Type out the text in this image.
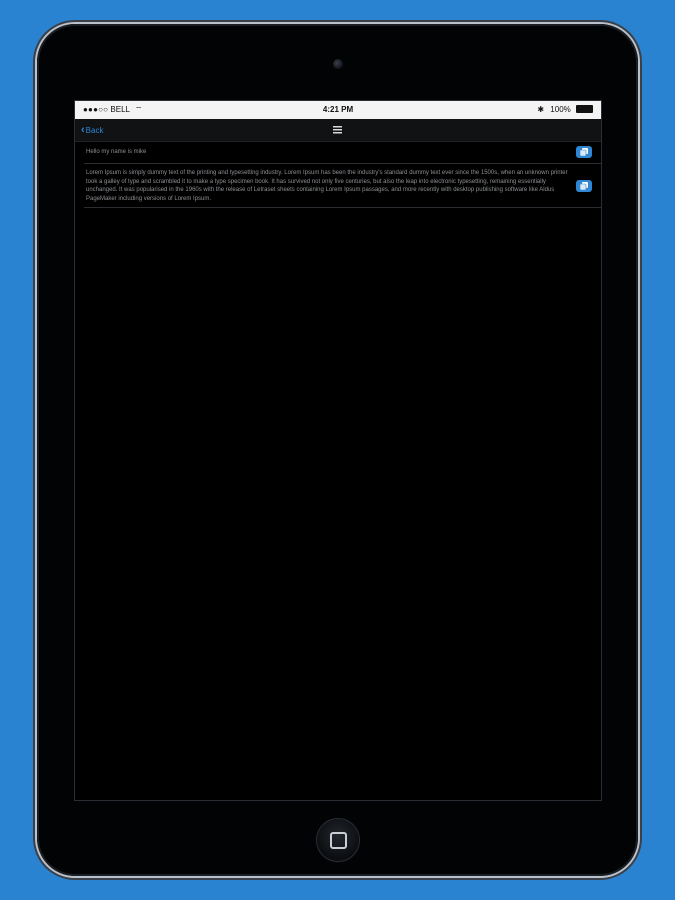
●●●○○ BELL ⌔	4:21 PM	✱ 100%
‹Back
Hello my name is mike
Lorem Ipsum is simply dummy text of the printing and typesetting industry. Lorem Ipsum has been the industry's standard dummy text ever since the 1500s, when an unknown printer took a galley of type and scrambled it to make a type specimen book. It has survived not only five centuries, but also the leap into electronic typesetting, remaining essentially unchanged. It was popularised in the 1960s with the release of Letraset sheets containing Lorem Ipsum passages, and more recently with desktop publishing software like Aldus PageMaker including versions of Lorem Ipsum.
